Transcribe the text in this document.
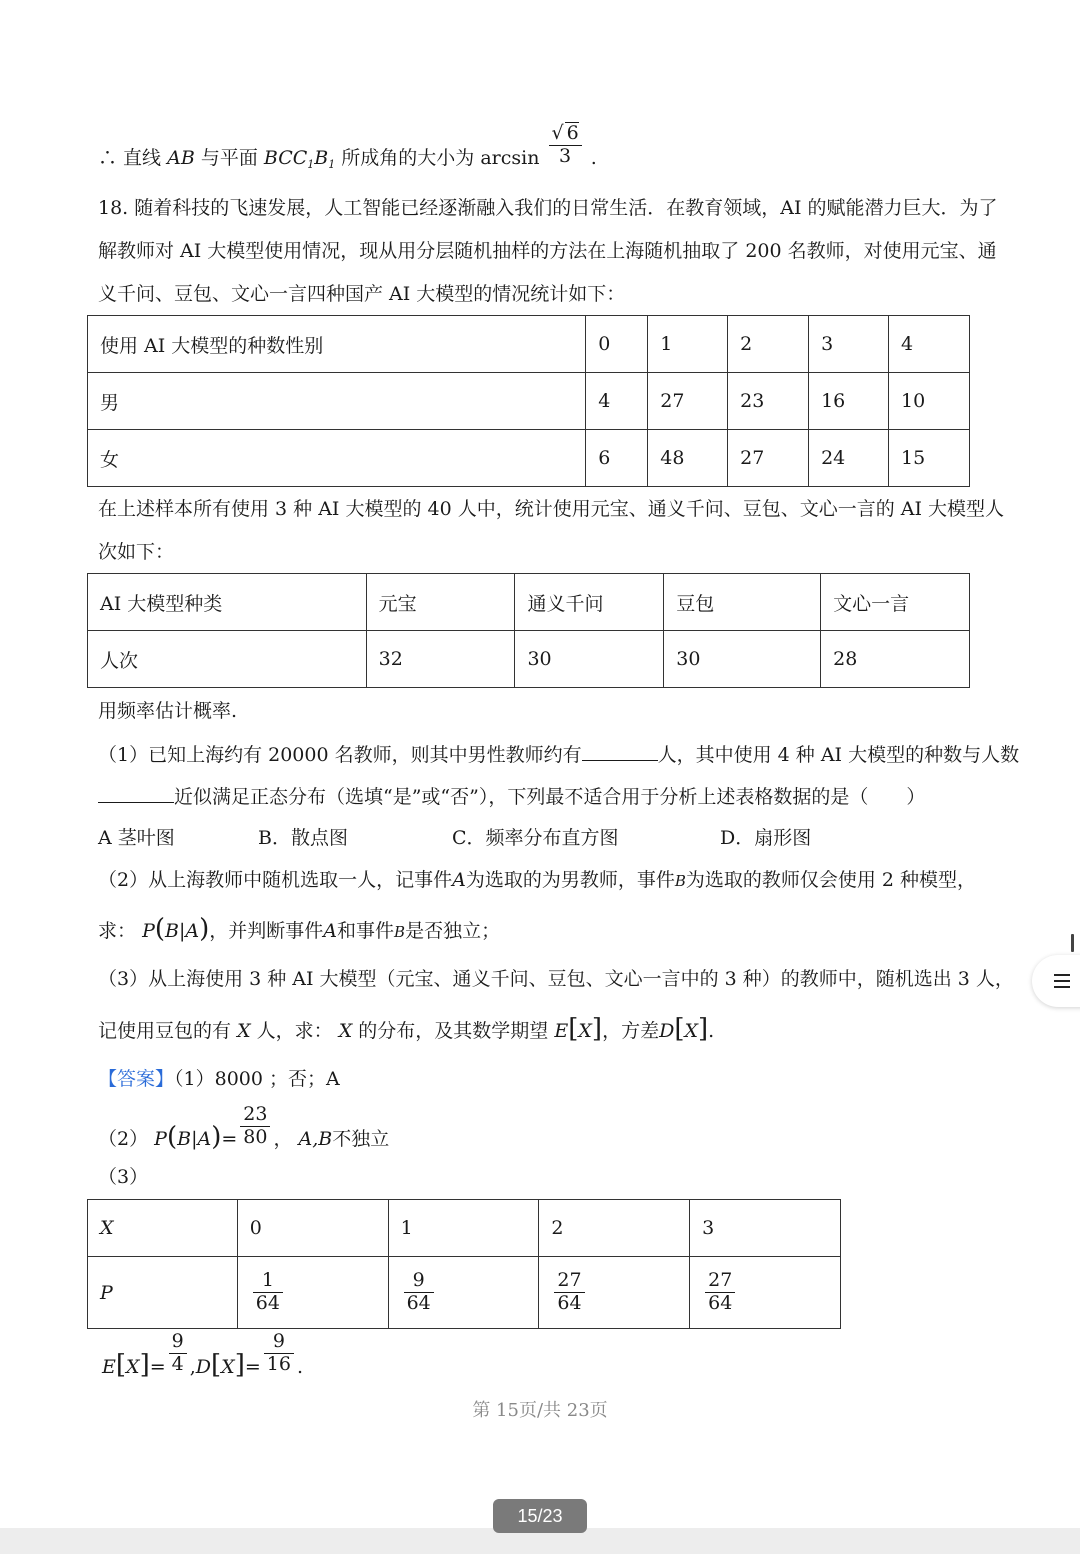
∴ 直线 AB 与平面 $BCC_1B_1$ 所成角的大小为 $\arcsin \frac{√ 6}{3}$ .
18. 随着科技的飞速发展，人工智能已经逐渐融入我们的日常生活．在教育领域，AI 的赋能潜力巨大．为了
解教师对 AI 大模型使用情况，现从用分层随机抽样的方法在上海随机抽取了 200 名教师，对使用元宝、通
义千问、豆包、文心一言四种国产 AI 大模型的情况统计如下：
使用 AI 大模型的种数性别	0	1	2	3	4
男	4	27	23	16	10
女	6	48	27	24	15
在上述样本所有使用 3 种 AI 大模型的 40 人中，统计使用元宝、通义千问、豆包、文心一言的 AI 大模型人
次如下：
AI 大模型种类	元宝	通义千问	豆包	文心一言
人次	32	30	30	28
用频率估计概率.
（1）已知上海约有 20000 名教师，则其中男性教师约有	人，其中使用 4 种 AI 大模型的种数与人数
近似满足正态分布（选填“是”或“否”），下列最不适合用于分析上述表格数据的是（　　）
A 茎叶图	B．散点图	C．频率分布直方图	D．扇形图
（2）从上海教师中随机选取一人，记事件A为选取的为男教师，事件B为选取的教师仅会使用 2 种模型，
求： P(B|A)，并判断事件A和事件B是否独立；
（3）从上海使用 3 种 AI 大模型（元宝、通义千问、豆包、文心一言中的 3 种）的教师中，随机选出 3 人，
记使用豆包的有 X 人，求： X 的分布，及其数学期望 E[X]，方差D[X].
【答案】（1）8000 ；否；A
（2） $P(B|A)= \frac{23}{80}$ ， A,B不独立
（3）
X	0	1	2	3
P	$\frac{1}{64}$	$\frac{9}{64}$	$\frac{27}{64}$	$\frac{27}{64}$
$E[X]= \frac{9}{4} ,D[X]= \frac{9}{16}$ .
第 15页/共 23页
15/23
